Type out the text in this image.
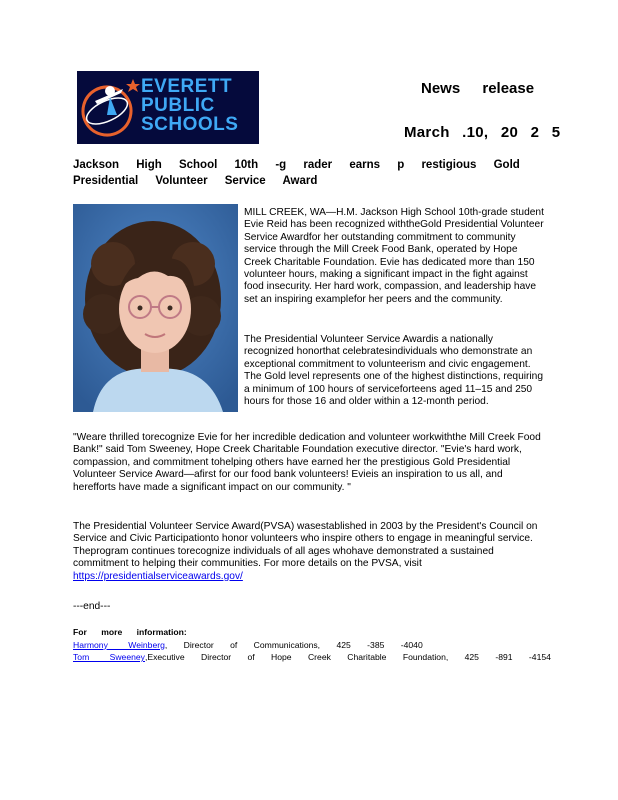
EVERETT
PUBLIC
SCHOOLS
News release
March .10, 20 2 5
Jackson High School 10th -g rader earns p restigious Gold Presidential Volunteer Service Award
MILL CREEK, WA—H.M. Jackson High School 10th-grade student Evie Reid has been recognized withtheGold Presidential Volunteer Service Awardfor her outstanding commitment to community service through the Mill Creek Food Bank, operated by Hope Creek Charitable Foundation. Evie has dedicated more than 150 volunteer hours, making a significant impact in the fight against food insecurity. Her hard work, compassion, and leadership have set an inspiring examplefor her peers and the community.
The Presidential Volunteer Service Awardis a nationally recognized honorthat celebratesindividuals who demonstrate an exceptional commitment to volunteerism and civic engagement. The Gold level represents one of the highest distinctions, requiring a minimum of 100 hours of serviceforteens aged 11–15 and 250 hours for those 16 and older within a 12-month period.
"Weare thrilled torecognize Evie for her incredible dedication and volunteer workwiththe Mill Creek Food Bank!" said Tom Sweeney, Hope Creek Charitable Foundation executive director. "Evie's hard work, compassion, and commitment tohelping others have earned her the prestigious Gold Presidential Volunteer Service Award—afirst for our food bank volunteers! Evieis an inspiration to us all, and herefforts have made a significant impact on our community. "
The Presidential Volunteer Service Award(PVSA) wasestablished in 2003 by the President's Council on Service and Civic Participationto honor volunteers who inspire others to engage in meaningful service. Theprogram continues torecognize individuals of all ages whohave demonstrated a sustained commitment to helping their communities. For more details on the PVSA, visit https://presidentialserviceawards.gov/
---end---
For more information:
Harmony Weinberg, Director of Communications, 425 -385 -4040
Tom Sweeney,Executive Director of Hope Creek Charitable Foundation, 425 -891 -4154
